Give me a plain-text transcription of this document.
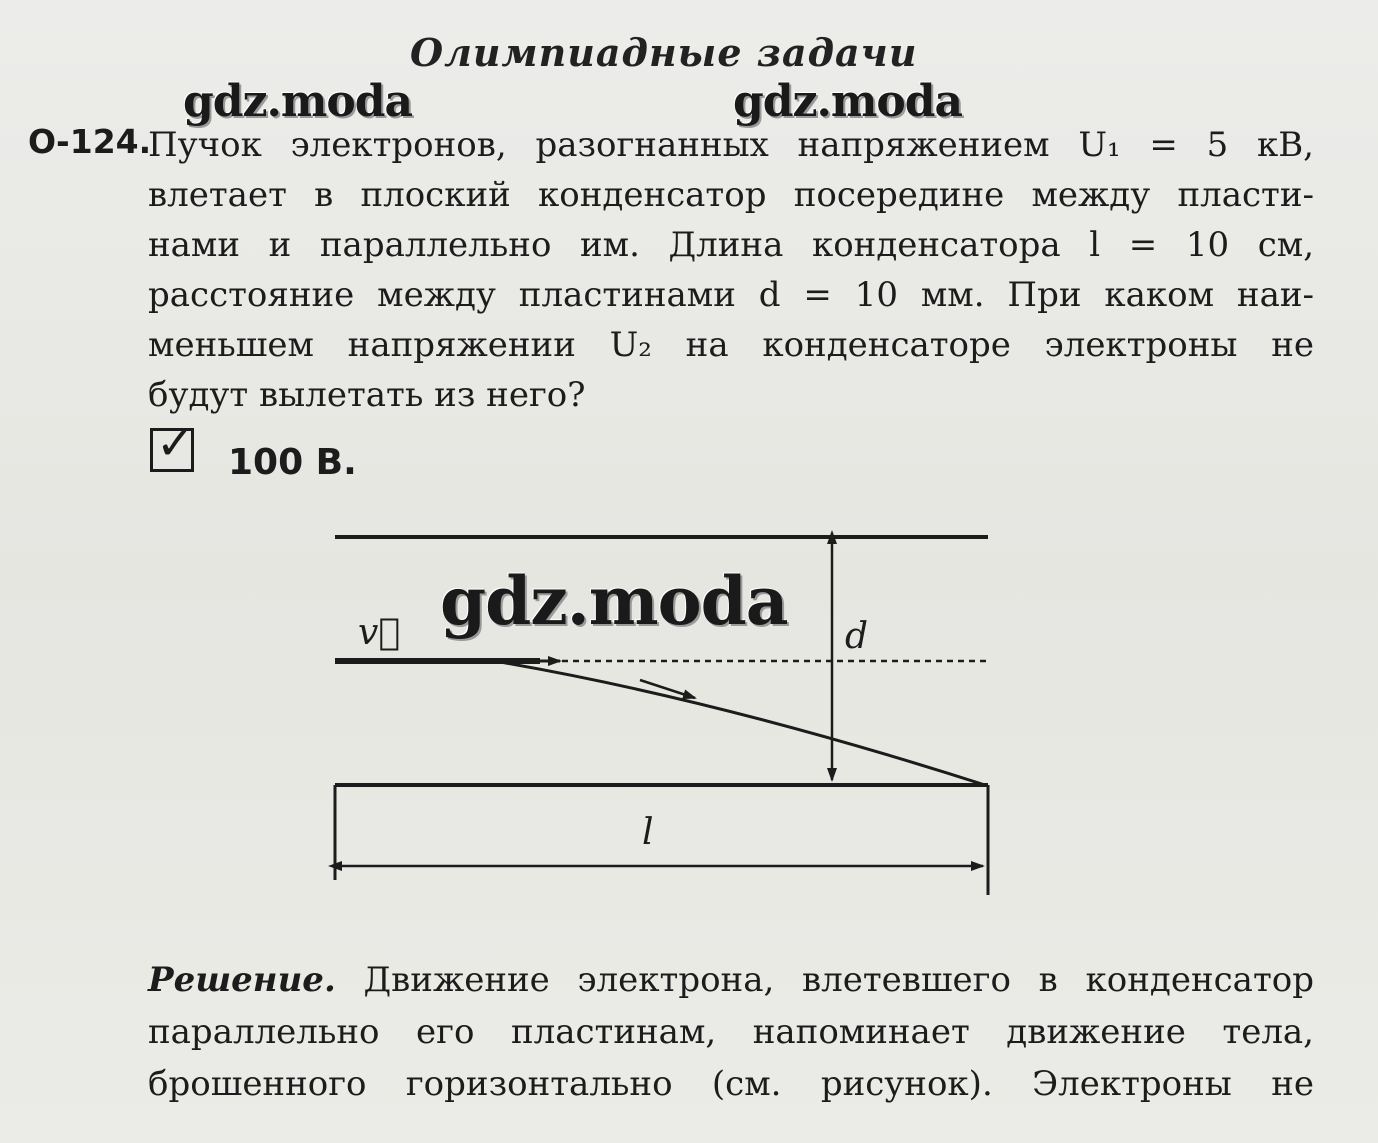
Олимпиадные задачи
gdz.moda	gdz.moda
О-124.
Пучок электронов, разогнанных напряжением U₁ = 5 кВ,
влетает в плоский конденсатор посередине между пласти-
нами и параллельно им. Длина конденсатора l = 10 см,
расстояние между пластинами d = 10 мм. При каком наи-
меньшем напряжении U₂ на конденсаторе электроны не
будут вылетать из него?
✓ 100 В.
v⃗	d
l
gdz.moda
Решение. Движение электрона, влетевшего в конденсатор
параллельно его пластинам, напоминает движение тела,
брошенного горизонтально (см. рисунок). Электроны не
